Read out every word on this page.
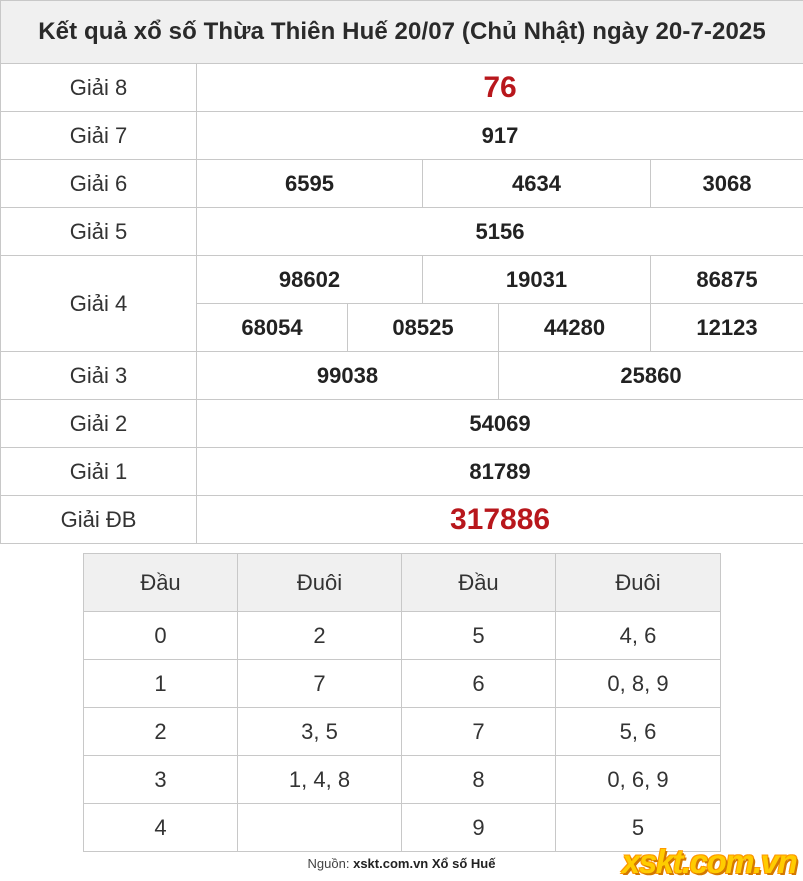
Kết quả xổ số Thừa Thiên Huế 20/07 (Chủ Nhật) ngày 20-7-2025					
Giải 8	76				
Giải 7	917				
Giải 6	6595		4634		3068
Giải 5	5156				
Giải 4	98602		19031		86875
	68054	08525		44280	12123
Giải 3	99038			25860	
Giải 2	54069				
Giải 1	81789				
Giải ĐB	317886				
Đầu	Đuôi	Đầu	Đuôi
0	2	5	4, 6
1	7	6	0, 8, 9
2	3, 5	7	5, 6
3	1, 4, 8	8	0, 6, 9
4		9	5
Nguồn: xskt.com.vn Xổ số Huế	xskt.com.vn
